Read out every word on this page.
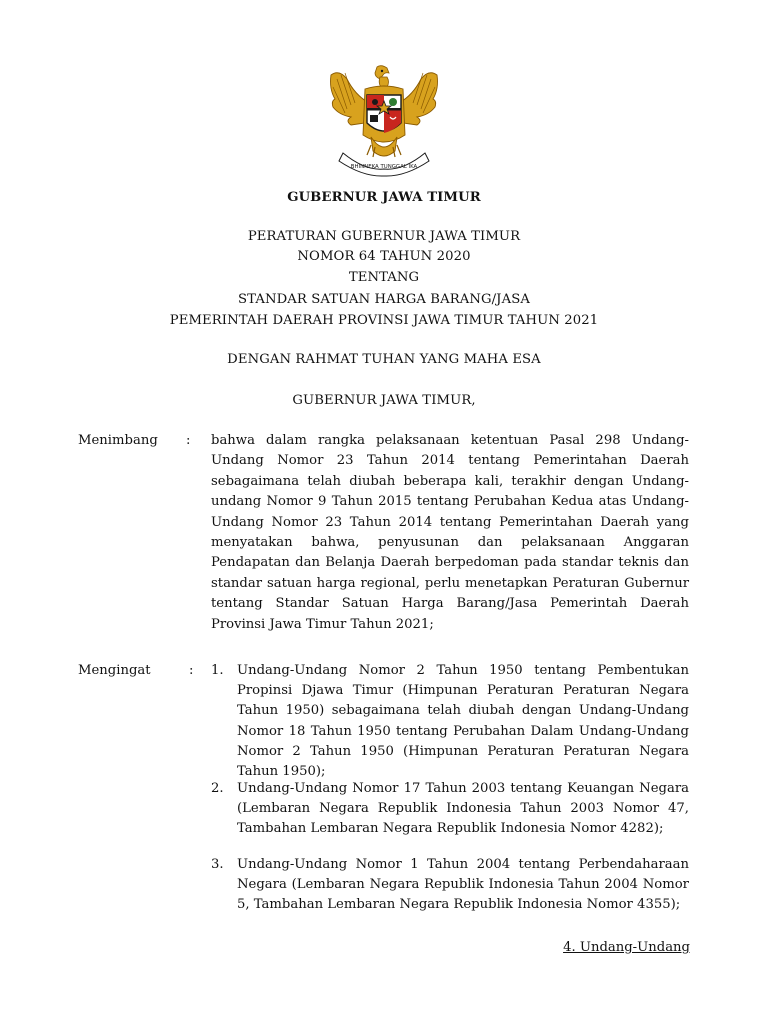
BHINNEKA TUNGGAL IKA
GUBERNUR JAWA TIMUR
PERATURAN GUBERNUR JAWA TIMUR
NOMOR 64 TAHUN 2020
TENTANG
STANDAR SATUAN HARGA BARANG/JASA
PEMERINTAH DAERAH PROVINSI JAWA TIMUR TAHUN 2021
DENGAN RAHMAT TUHAN YANG MAHA ESA
GUBERNUR JAWA TIMUR,
Menimbang : bahwa dalam rangka pelaksanaan ketentuan Pasal 298 Undang-Undang Nomor 23 Tahun 2014 tentang Pemerintahan Daerah sebagaimana telah diubah beberapa kali, terakhir dengan Undang-undang Nomor 9 Tahun 2015 tentang Perubahan Kedua atas Undang-Undang Nomor 23 Tahun 2014 tentang Pemerintahan Daerah yang menyatakan bahwa, penyusunan dan pelaksanaan Anggaran Pendapatan dan Belanja Daerah berpedoman pada standar teknis dan standar satuan harga regional, perlu menetapkan Peraturan Gubernur tentang Standar Satuan Harga Barang/Jasa Pemerintah Daerah Provinsi Jawa Timur Tahun 2021;
Mengingat	: 1.	Undang-Undang Nomor 2 Tahun 1950 tentang Pembentukan Propinsi Djawa Timur (Himpunan Peraturan Peraturan Negara Tahun 1950) sebagaimana telah diubah dengan Undang-Undang Nomor 18 Tahun 1950 tentang Perubahan Dalam Undang-Undang Nomor 2 Tahun 1950 (Himpunan Peraturan Peraturan Negara Tahun 1950);
2.	Undang-Undang Nomor 17 Tahun 2003 tentang Keuangan Negara (Lembaran Negara Republik Indonesia Tahun 2003 Nomor 47, Tambahan Lembaran Negara Republik Indonesia Nomor 4282);
3.	Undang-Undang Nomor 1 Tahun 2004 tentang Perbendaharaan Negara (Lembaran Negara Republik Indonesia Tahun 2004 Nomor 5, Tambahan Lembaran Negara Republik Indonesia Nomor 4355);
4. Undang-Undang
